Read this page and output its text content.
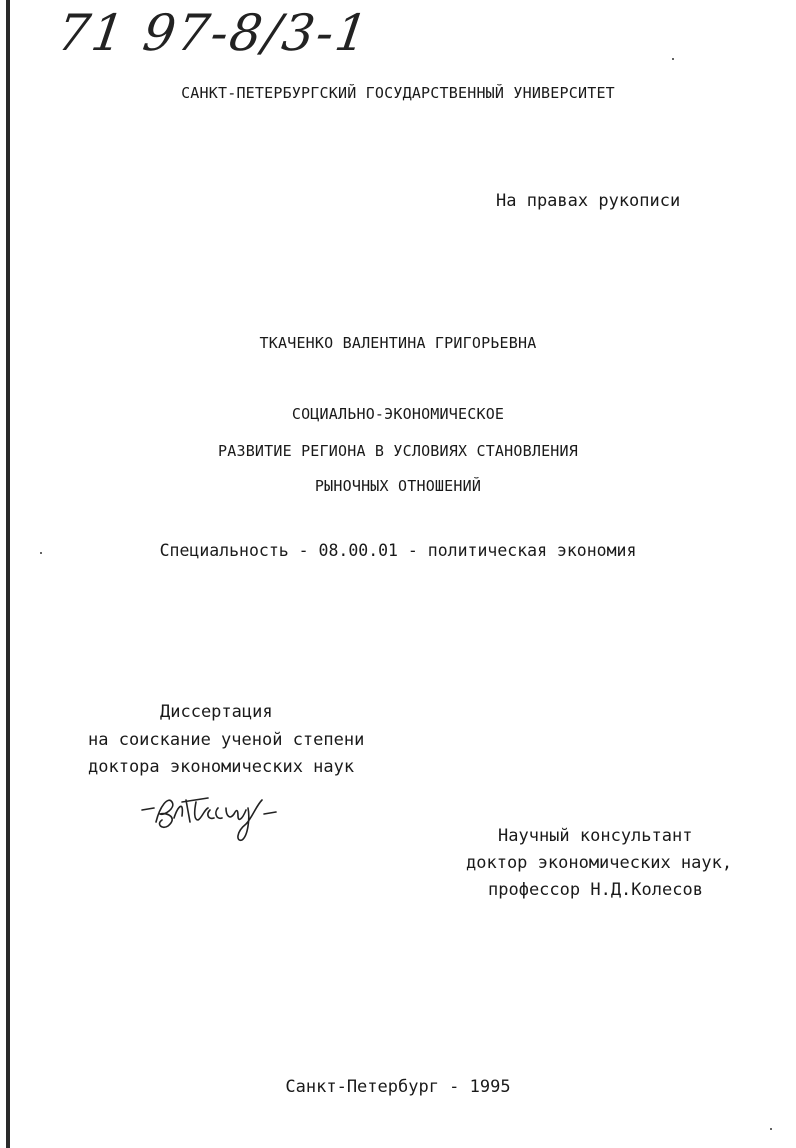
71 97-8/3-1
САНКТ-ПЕТЕРБУРГСКИЙ ГОСУДАРСТВЕННЫЙ УНИВЕРСИТЕТ
На правах рукописи
ТКАЧЕНКО ВАЛЕНТИНА ГРИГОРЬЕВНА
СОЦИАЛЬНО-ЭКОНОМИЧЕСКОЕ
РАЗВИТИЕ РЕГИОНА В УСЛОВИЯХ СТАНОВЛЕНИЯ
РЫНОЧНЫХ ОТНОШЕНИЙ
Специальность - 08.00.01 - политическая экономия
Диссертация
на соискание ученой степени
доктора экономических наук
Научный консультант
доктор экономических наук,
профессор Н.Д.Колесов
Санкт-Петербург - 1995
